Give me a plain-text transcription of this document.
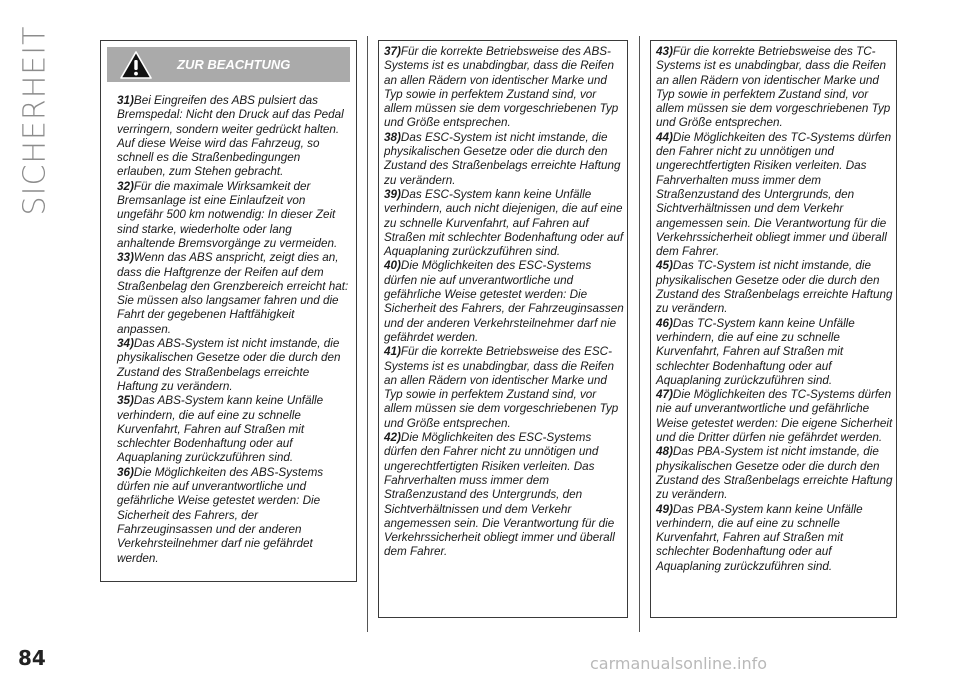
SICHERHEIT	ZUR BEACHTUNG

31)Bei Eingreifen des ABS pulsiert das Bremspedal: Nicht den Druck auf das Pedal verringern, sondern weiter gedrückt halten. Auf diese Weise wird das Fahrzeug, so schnell es die Straßenbedingungen erlauben, zum Stehen gebracht.

32)Für die maximale Wirksamkeit der Bremsanlage ist eine Einlaufzeit von ungefähr 500 km notwendig: In dieser Zeit sind starke, wiederholte oder lang anhaltende Bremsvorgänge zu vermeiden.

33)Wenn das ABS anspricht, zeigt dies an, dass die Haftgrenze der Reifen auf dem Straßenbelag den Grenzbereich erreicht hat: Sie müssen also langsamer fahren und die Fahrt der gegebenen Haftfähigkeit anpassen.

34)Das ABS-System ist nicht imstande, die physikalischen Gesetze oder die durch den Zustand des Straßenbelags erreichte Haftung zu verändern.

35)Das ABS-System kann keine Unfälle verhindern, die auf eine zu schnelle Kurvenfahrt, Fahren auf Straßen mit schlechter Bodenhaftung oder auf Aquaplaning zurückzuführen sind.

36)Die Möglichkeiten des ABS-Systems dürfen nie auf unverantwortliche und gefährliche Weise getestet werden: Die Sicherheit des Fahrers, der Fahrzeuginsassen und der anderen Verkehrsteilnehmer darf nie gefährdet werden.

37)Für die korrekte Betriebsweise des ABS-Systems ist es unabdingbar, dass die Reifen an allen Rädern von identischer Marke und Typ sowie in perfektem Zustand sind, vor allem müssen sie dem vorgeschriebenen Typ und Größe entsprechen.

38)Das ESC-System ist nicht imstande, die physikalischen Gesetze oder die durch den Zustand des Straßenbelags erreichte Haftung zu verändern.

39)Das ESC-System kann keine Unfälle verhindern, auch nicht diejenigen, die auf eine zu schnelle Kurvenfahrt, auf Fahren auf Straßen mit schlechter Bodenhaftung oder auf Aquaplaning zurückzuführen sind.

40)Die Möglichkeiten des ESC-Systems dürfen nie auf unverantwortliche und gefährliche Weise getestet werden: Die Sicherheit des Fahrers, der Fahrzeuginsassen und der anderen Verkehrsteilnehmer darf nie gefährdet werden.

41)Für die korrekte Betriebsweise des ESC-Systems ist es unabdingbar, dass die Reifen an allen Rädern von identischer Marke und Typ sowie in perfektem Zustand sind, vor allem müssen sie dem vorgeschriebenen Typ und Größe entsprechen.

42)Die Möglichkeiten des ESC-Systems dürfen den Fahrer nicht zu unnötigen und ungerechtfertigten Risiken verleiten. Das Fahrverhalten muss immer dem Straßenzustand des Untergrunds, den Sichtverhältnissen und dem Verkehr angemessen sein. Die Verantwortung für die Verkehrssicherheit obliegt immer und überall dem Fahrer.

43)Für die korrekte Betriebsweise des TC-Systems ist es unabdingbar, dass die Reifen an allen Rädern von identischer Marke und Typ sowie in perfektem Zustand sind, vor allem müssen sie dem vorgeschriebenen Typ und Größe entsprechen.

44)Die Möglichkeiten des TC-Systems dürfen den Fahrer nicht zu unnötigen und ungerechtfertigten Risiken verleiten. Das Fahrverhalten muss immer dem Straßenzustand des Untergrunds, den Sichtverhältnissen und dem Verkehr angemessen sein. Die Verantwortung für die Verkehrssicherheit obliegt immer und überall dem Fahrer.

45)Das TC-System ist nicht imstande, die physikalischen Gesetze oder die durch den Zustand des Straßenbelags erreichte Haftung zu verändern.

46)Das TC-System kann keine Unfälle verhindern, die auf eine zu schnelle Kurvenfahrt, Fahren auf Straßen mit schlechter Bodenhaftung oder auf Aquaplaning zurückzuführen sind.

47)Die Möglichkeiten des TC-Systems dürfen nie auf unverantwortliche und gefährliche Weise getestet werden: Die eigene Sicherheit und die Dritter dürfen nie gefährdet werden.

48)Das PBA-System ist nicht imstande, die physikalischen Gesetze oder die durch den Zustand des Straßenbelags erreichte Haftung zu verändern.

49)Das PBA-System kann keine Unfälle verhindern, die auf eine zu schnelle Kurvenfahrt, Fahren auf Straßen mit schlechter Bodenhaftung oder auf Aquaplaning zurückzuführen sind.

84	carmanualsonline.info
